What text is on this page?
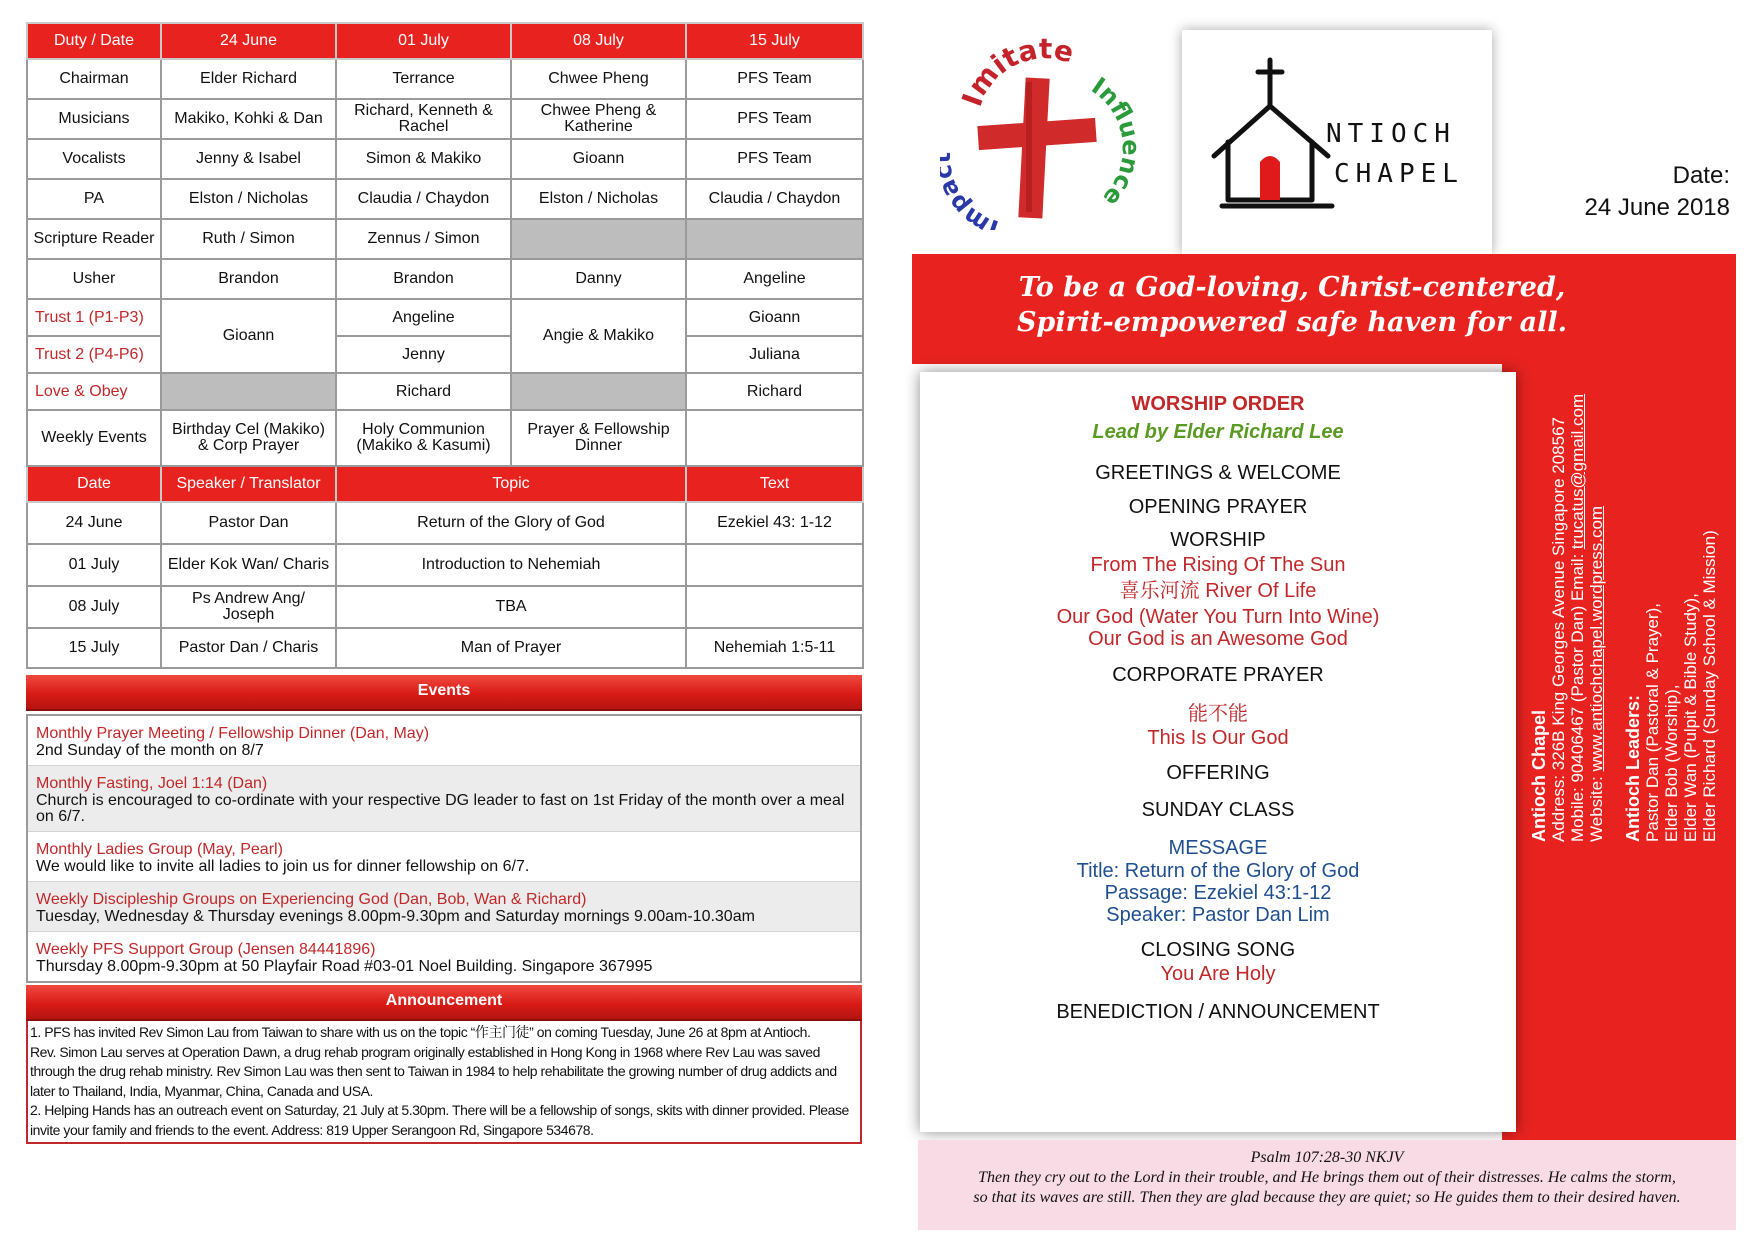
Duty / Date	24 June	01 July	08 July	15 July
Chairman	Elder Richard	Terrance	Chwee Pheng	PFS Team
Musicians	Makiko, Kohki & Dan	Richard, Kenneth & Rachel	Chwee Pheng & Katherine	PFS Team
Vocalists	Jenny & Isabel	Simon & Makiko	Gioann	PFS Team
PA	Elston / Nicholas	Claudia / Chaydon	Elston / Nicholas	Claudia / Chaydon
Scripture Reader	Ruth / Simon	Zennus / Simon		
Usher	Brandon	Brandon	Danny	Angeline
Trust 1 (P1-P3)	Gioann	Angeline	Angie & Makiko	Gioann
Trust 2 (P4-P6)		Jenny		Juliana
Love & Obey		Richard		Richard
Weekly Events	Birthday Cel (Makiko) & Corp Prayer	Holy Communion (Makiko & Kasumi)	Prayer & Fellowship Dinner	
Date	Speaker / Translator	Topic		Text
24 June	Pastor Dan	Return of the Glory of God		Ezekiel 43: 1-12
01 July	Elder Kok Wan/ Charis	Introduction to Nehemiah		
08 July	Ps Andrew Ang/ Joseph	TBA		
15 July	Pastor Dan / Charis	Man of Prayer		Nehemiah 1:5-11
Events
Monthly Prayer Meeting / Fellowship Dinner (Dan, May)
2nd Sunday of the month on 8/7
Monthly Fasting, Joel 1:14 (Dan)
Church is encouraged to co-ordinate with your respective DG leader to fast on 1st Friday of the month over a meal on 6/7.
Monthly Ladies Group (May, Pearl)
We would like to invite all ladies to join us for dinner fellowship on 6/7.
Weekly Discipleship Groups on Experiencing God (Dan, Bob, Wan & Richard)
Tuesday, Wednesday & Thursday evenings 8.00pm-9.30pm and Saturday mornings 9.00am-10.30am
Weekly PFS Support Group (Jensen 84441896)
Thursday 8.00pm-9.30pm at 50 Playfair Road #03-01 Noel Building. Singapore 367995
Announcement

1. PFS has invited Rev Simon Lau from Taiwan to share with us on the topic “作主门徒” on coming Tuesday, June 26 at 8pm at Antioch.

Rev. Simon Lau serves at Operation Dawn, a drug rehab program originally established in Hong Kong in 1968 where Rev Lau was saved through the drug rehab ministry. Rev Simon Lau was then sent to Taiwan in 1984 to help rehabilitate the growing number of drug addicts and later to Thailand, India, Myanmar, China, Canada and USA.

2. Helping Hands has an outreach event on Saturday, 21 July at 5.30pm. There will be a fellowship of songs, skits with dinner provided. Please invite your family and friends to the event. Address: 819 Upper Serangoon Rd, Singapore 534678.

Imitate
Influence
Imp
NTIOCH
CHAPEL	Date:
24 June 2018
To be a God-loving, Christ-centered,
Spirit-empowered safe haven for all.
Antioch Chapel Address: 326B King Georges Avenue Singapore 208567 Mobile: 90406467 (Pastor Dan) Email: trucatus@gmail.com
Website: www.antiochchapel.wordpress.com Antioch Leaders: Pastor Dan (Pastoral & Prayer), Elder Bob (Worship), Elder Wan (Pulpit & Bible Study), Elder Richard (Sunday School & Mission)
WORSHIP ORDER
Lead by Elder Richard Lee
GREETINGS & WELCOME
OPENING PRAYER
WORSHIP
From The Rising Of The Sun
喜乐河流 River Of Life
Our God (Water You Turn Into Wine)
Our God is an Awesome God
CORPORATE PRAYER
能不能
This Is Our God
OFFERING
SUNDAY CLASS
MESSAGE
Title: Return of the Glory of God
Passage: Ezekiel 43:1-12
Speaker: Pastor Dan Lim
CLOSING SONG
You Are Holy
BENEDICTION / ANNOUNCEMENT
Psalm 107:28-30 NKJV
Then they cry out to the Lord in their trouble, and He brings them out of their distresses. He calms the storm,
so that its waves are still. Then they are glad because they are quiet; so He guides them to their desired haven.
